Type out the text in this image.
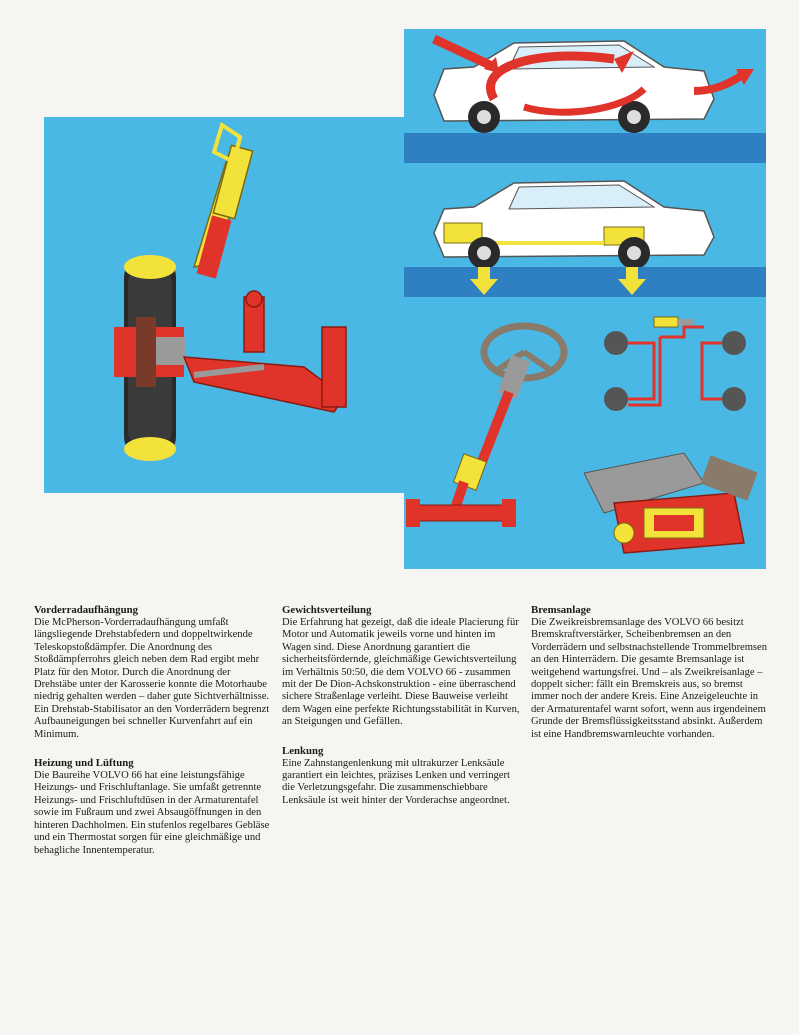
Vorderradaufhängung

Die McPherson-Vorderradaufhängung umfaßt längsliegende Drehstabfedern und doppeltwirkende Teleskopstoßdämpfer. Die Anordnung des Stoßdämpferrohrs gleich neben dem Rad ergibt mehr Platz für den Motor. Durch die Anordnung der Drehstäbe unter der Karosserie konnte die Motorhaube niedrig gehalten werden – daher gute Sichtverhältnisse. Ein Drehstab-Stabilisator an den Vorderrädern begrenzt Aufbauneigungen bei schneller Kurvenfahrt auf ein Minimum.

Heizung und Lüftung

Die Baureihe VOLVO 66 hat eine leistungsfähige Heizungs- und Frischluftanlage. Sie umfaßt getrennte Heizungs- und Frischluftdüsen in der Armaturentafel sowie im Fußraum und zwei Absaugöffnungen in den hinteren Dachholmen. Ein stufenlos regelbares Gebläse und ein Thermostat sorgen für eine gleichmäßige und behagliche Innentemperatur.

Gewichtsverteilung

Die Erfahrung hat gezeigt, daß die ideale Placierung für Motor und Automatik jeweils vorne und hinten im Wagen sind. Diese Anordnung garantiert die sicherheitsfördernde, gleichmäßige Gewichtsverteilung im Verhältnis 50:50, die dem VOLVO 66 - zusammen mit der De Dion-Achskonstruktion - eine überraschend sichere Straßenlage verleiht. Diese Bauweise verleiht dem Wagen eine perfekte Richtungsstabilität in Kurven, an Steigungen und Gefällen.

Lenkung

Eine Zahnstangenlenkung mit ultrakurzer Lenksäule garantiert ein leichtes, präzises Lenken und verringert die Verletzungsgefahr. Die zusammenschiebbare Lenksäule ist weit hinter der Vorderachse angeordnet.

Bremsanlage

Die Zweikreisbremsanlage des VOLVO 66 besitzt Bremskraftverstärker, Scheibenbremsen an den Vorderrädern und selbstnachstellende Trommelbremsen an den Hinterrädern. Die gesamte Bremsanlage ist weitgehend wartungsfrei. Und – als Zweikreisanlage – doppelt sicher: fällt ein Bremskreis aus, so bremst immer noch der andere Kreis. Eine Anzeigeleuchte in der Armaturentafel warnt sofort, wenn aus irgendeinem Grunde der Bremsflüssigkeitsstand absinkt. Außerdem ist eine Handbremswarnleuchte vorhanden.
